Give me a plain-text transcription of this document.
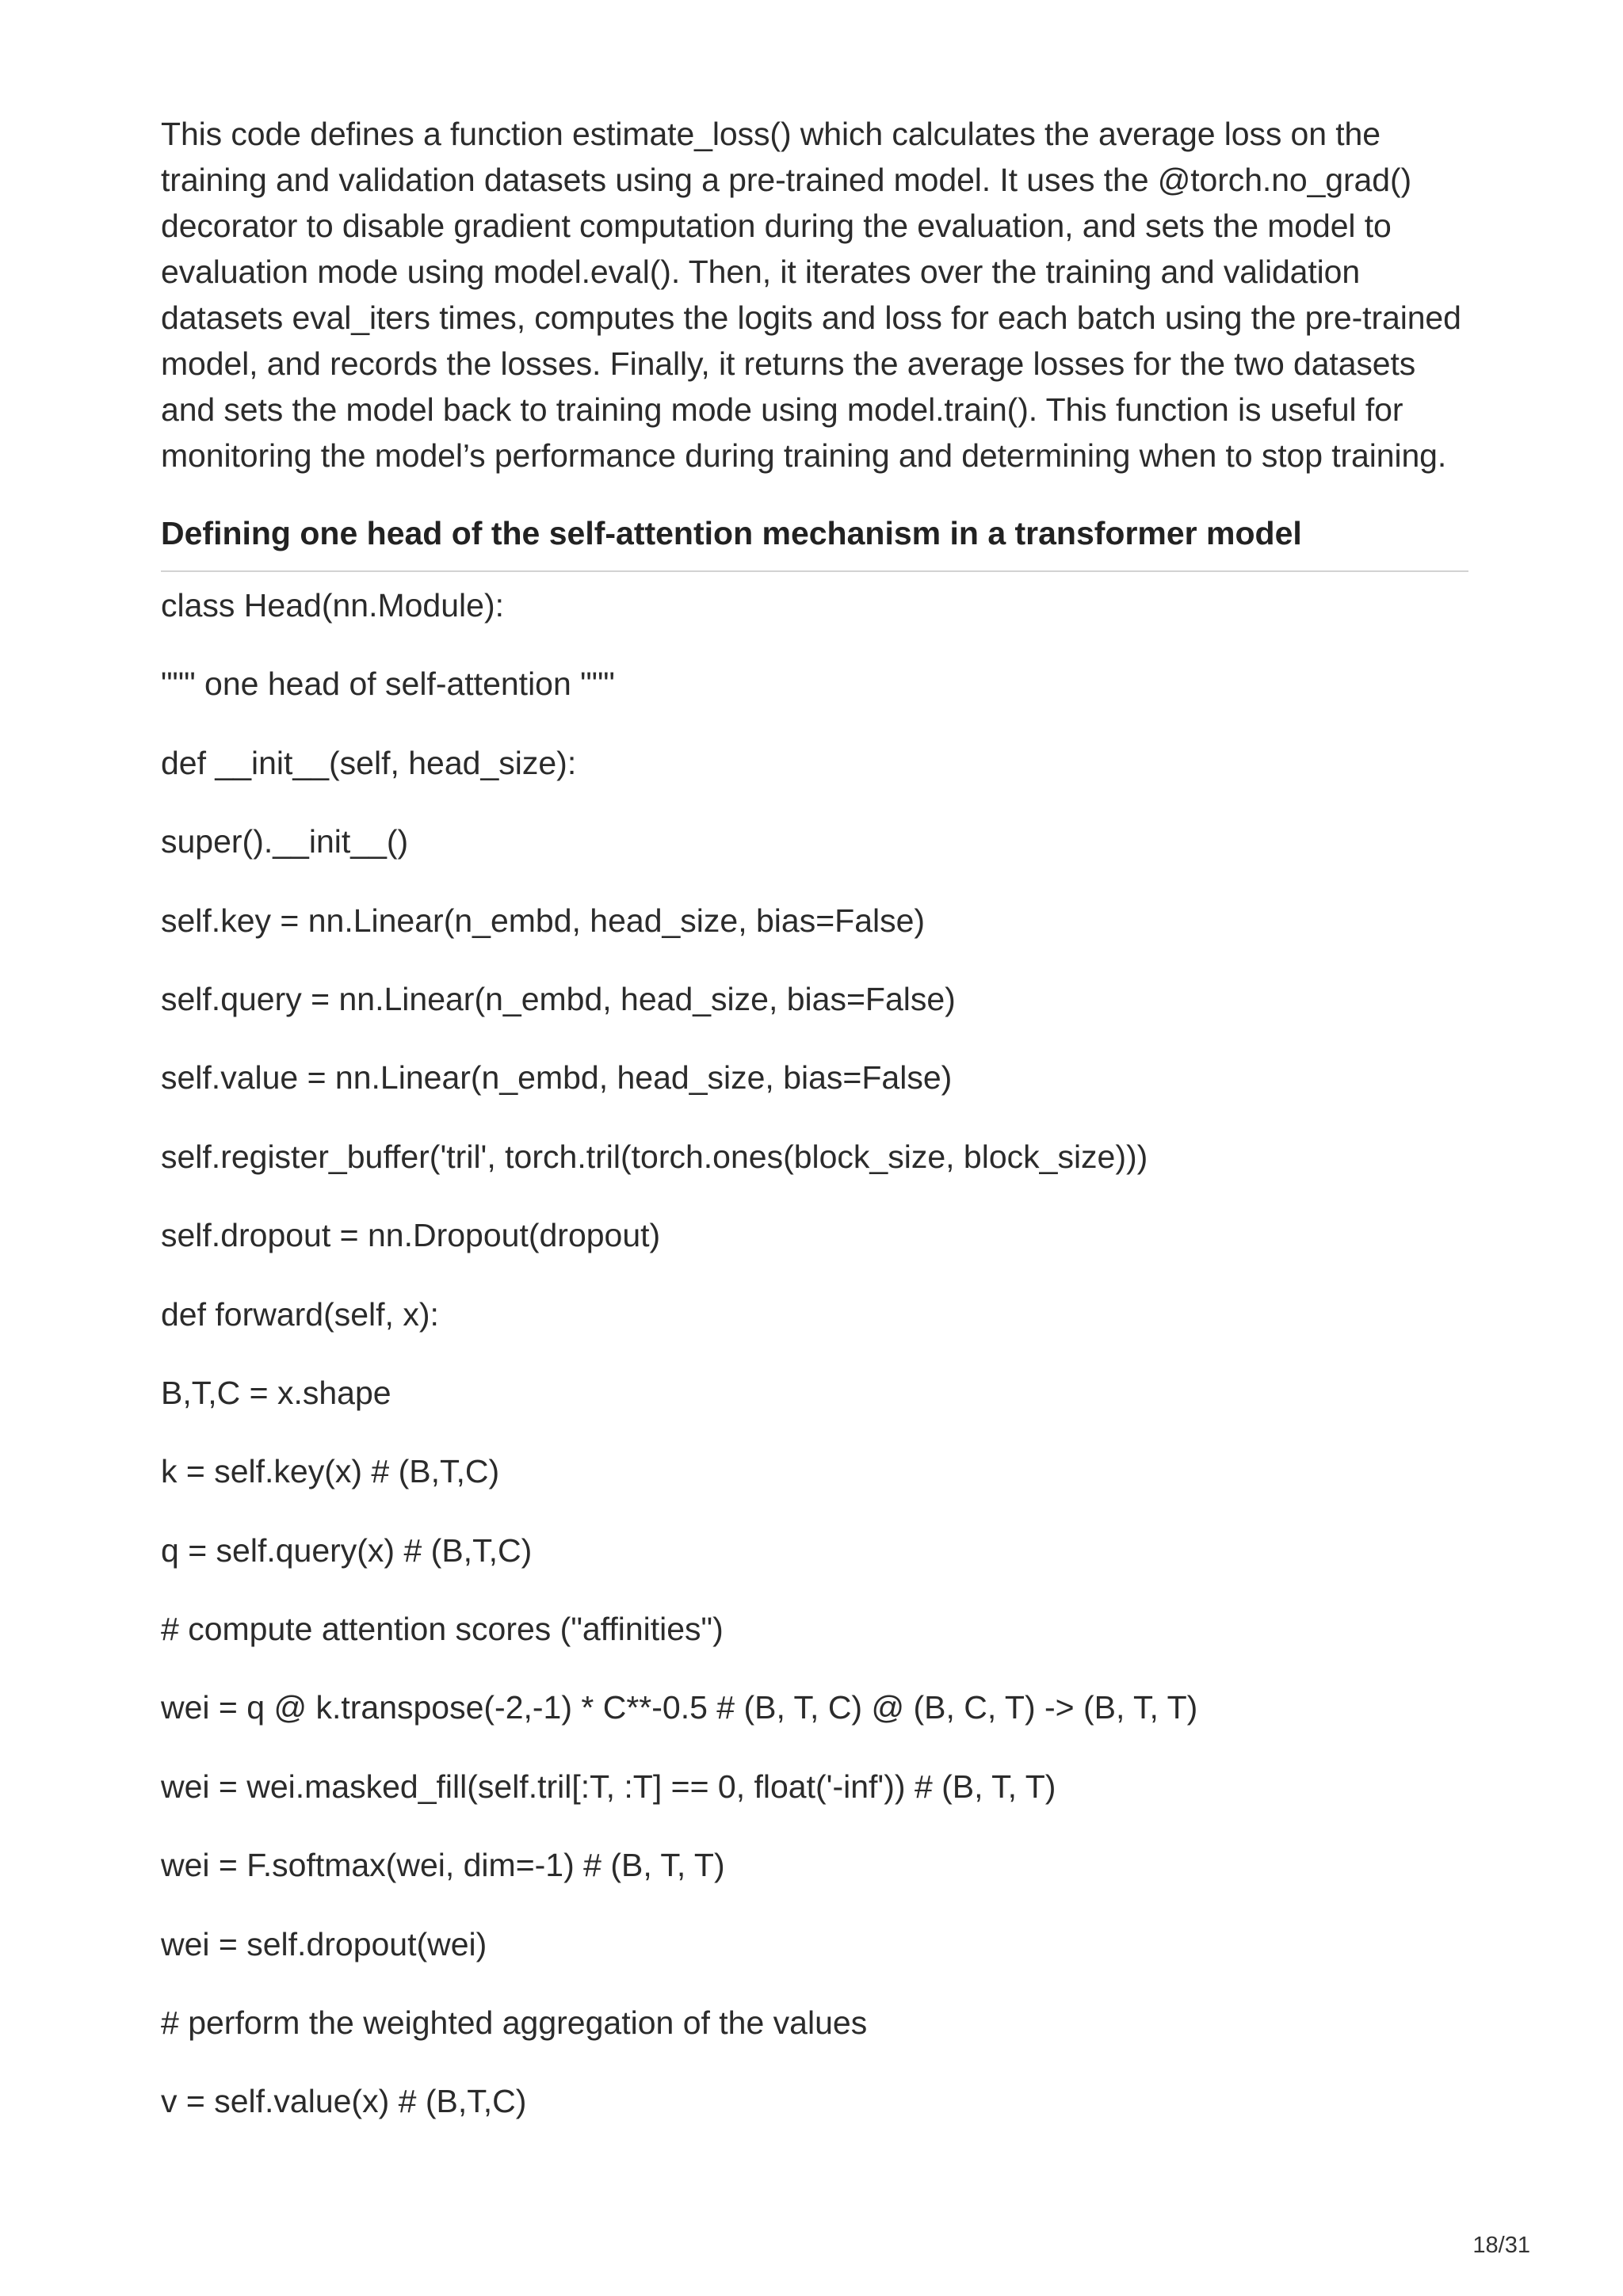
This code defines a function estimate_loss() which calculates the average loss on the training and validation datasets using a pre-trained model. It uses the @torch.no_grad() decorator to disable gradient computation during the evaluation, and sets the model to evaluation mode using model.eval(). Then, it iterates over the training and validation datasets eval_iters times, computes the logits and loss for each batch using the pre-trained model, and records the losses. Finally, it returns the average losses for the two datasets and sets the model back to training mode using model.train(). This function is useful for monitoring the model’s performance during training and determining when to stop training.

Defining one head of the self-attention mechanism in a transformer model
class Head(nn.Module):
""" one head of self-attention """
def __init__(self, head_size):
super().__init__()
self.key = nn.Linear(n_embd, head_size, bias=False)
self.query = nn.Linear(n_embd, head_size, bias=False)
self.value = nn.Linear(n_embd, head_size, bias=False)
self.register_buffer('tril', torch.tril(torch.ones(block_size, block_size)))
self.dropout = nn.Dropout(dropout)
def forward(self, x):
B,T,C = x.shape
k = self.key(x) # (B,T,C)
q = self.query(x) # (B,T,C)
# compute attention scores ("affinities")
wei = q @ k.transpose(-2,-1) * C**-0.5 # (B, T, C) @ (B, C, T) -> (B, T, T)
wei = wei.masked_fill(self.tril[:T, :T] == 0, float('-inf')) # (B, T, T)
wei = F.softmax(wei, dim=-1) # (B, T, T)
wei = self.dropout(wei)
# perform the weighted aggregation of the values
v = self.value(x) # (B,T,C)
18/31
